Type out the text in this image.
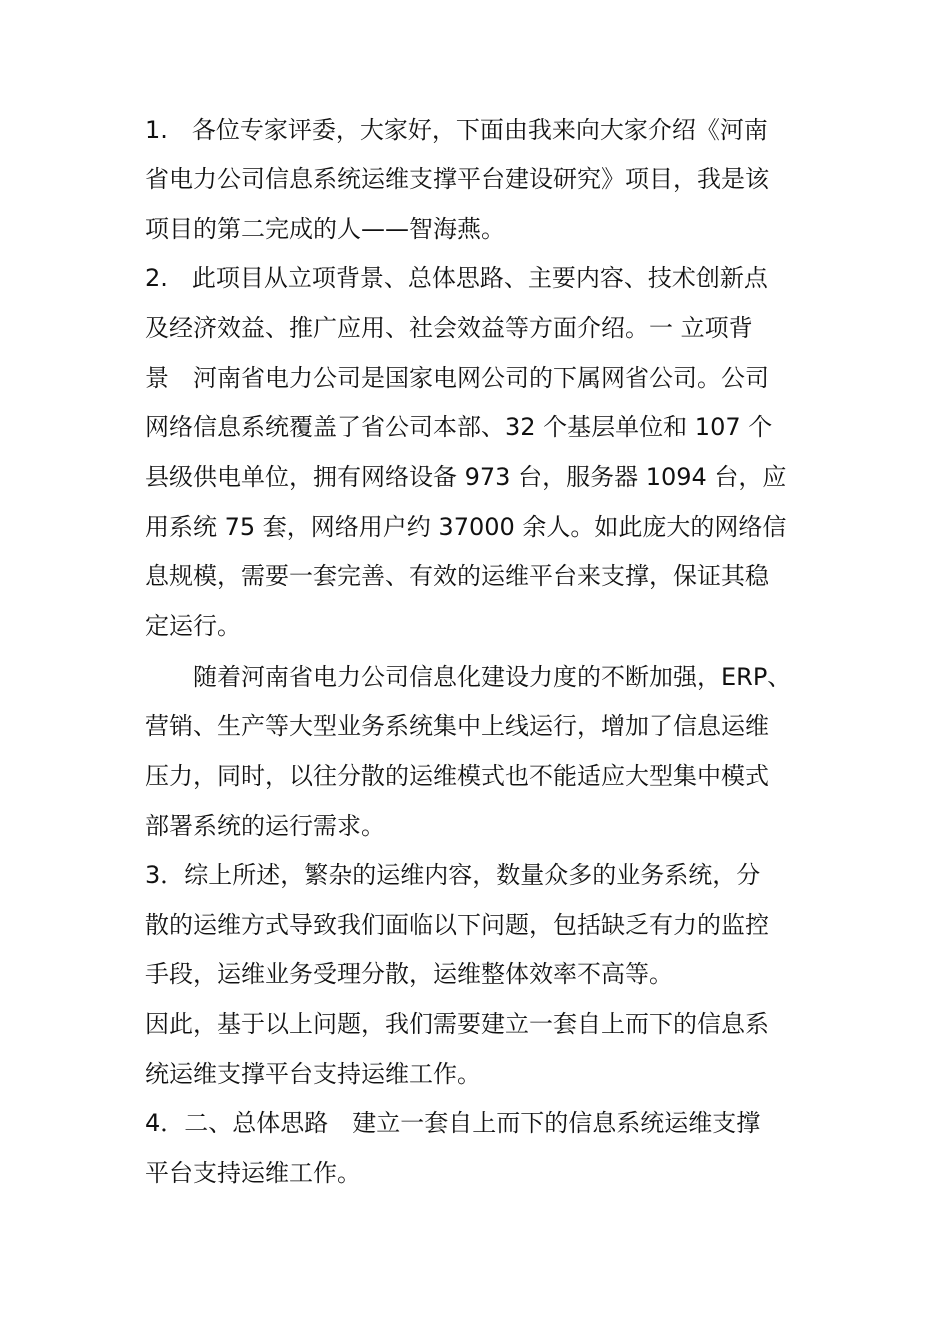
1.　各位专家评委，大家好，下面由我来向大家介绍《河南
省电力公司信息系统运维支撑平台建设研究》项目，我是该
项目的第二完成的人——智海燕。
2.　此项目从立项背景、总体思路、主要内容、技术创新点
及经济效益、推广应用、社会效益等方面介绍。一 立项背
景　河南省电力公司是国家电网公司的下属网省公司。公司
网络信息系统覆盖了省公司本部、32 个基层单位和 107 个
县级供电单位，拥有网络设备 973 台，服务器 1094 台，应
用系统 75 套，网络用户约 37000 余人。如此庞大的网络信
息规模，需要一套完善、有效的运维平台来支撑，保证其稳
定运行。
　　随着河南省电力公司信息化建设力度的不断加强，ERP、
营销、生产等大型业务系统集中上线运行，增加了信息运维
压力，同时，以往分散的运维模式也不能适应大型集中模式
部署系统的运行需求。
3．综上所述，繁杂的运维内容，数量众多的业务系统，分
散的运维方式导致我们面临以下问题，包括缺乏有力的监控
手段，运维业务受理分散，运维整体效率不高等。
因此，基于以上问题，我们需要建立一套自上而下的信息系
统运维支撑平台支持运维工作。
4．二、总体思路　建立一套自上而下的信息系统运维支撑
平台支持运维工作。
